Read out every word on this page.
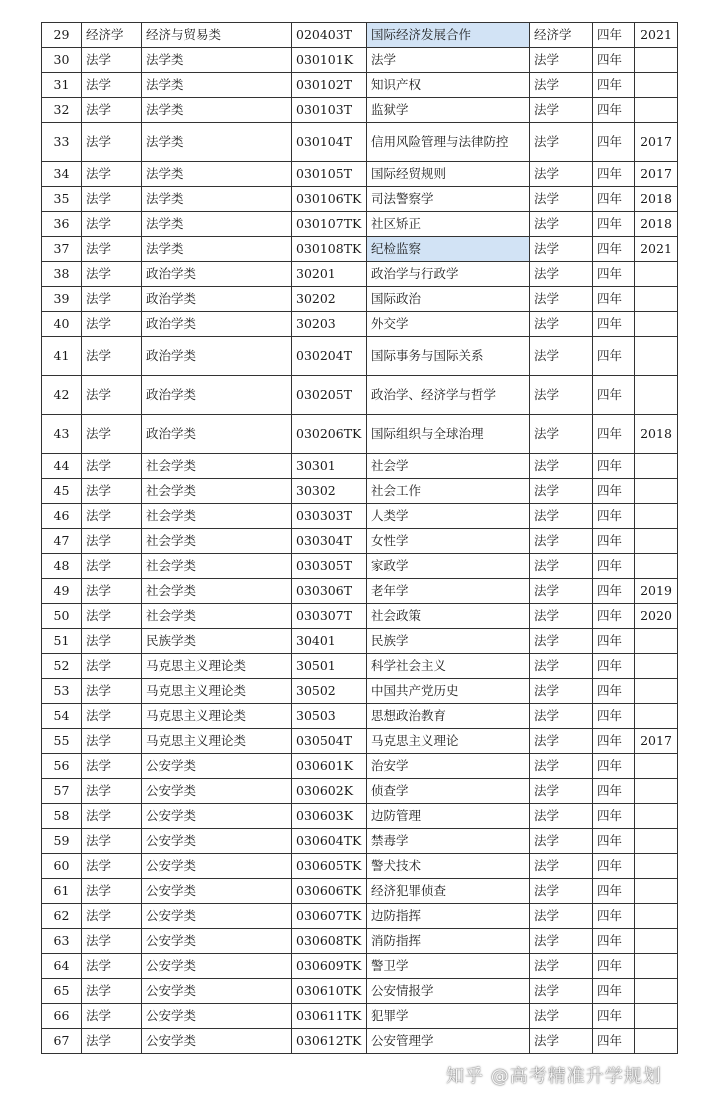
29	经济学	经济与贸易类	020403T	国际经济发展合作	经济学	四年	2021
30	法学	法学类	030101K	法学	法学	四年	
31	法学	法学类	030102T	知识产权	法学	四年	
32	法学	法学类	030103T	监狱学	法学	四年	
33	法学	法学类	030104T	信用风险管理与法律防控	法学	四年	2017
34	法学	法学类	030105T	国际经贸规则	法学	四年	2017
35	法学	法学类	030106TK	司法警察学	法学	四年	2018
36	法学	法学类	030107TK	社区矫正	法学	四年	2018
37	法学	法学类	030108TK	纪检监察	法学	四年	2021
38	法学	政治学类	30201	政治学与行政学	法学	四年	
39	法学	政治学类	30202	国际政治	法学	四年	
40	法学	政治学类	30203	外交学	法学	四年	
41	法学	政治学类	030204T	国际事务与国际关系	法学	四年	
42	法学	政治学类	030205T	政治学、经济学与哲学	法学	四年	
43	法学	政治学类	030206TK	国际组织与全球治理	法学	四年	2018
44	法学	社会学类	30301	社会学	法学	四年	
45	法学	社会学类	30302	社会工作	法学	四年	
46	法学	社会学类	030303T	人类学	法学	四年	
47	法学	社会学类	030304T	女性学	法学	四年	
48	法学	社会学类	030305T	家政学	法学	四年	
49	法学	社会学类	030306T	老年学	法学	四年	2019
50	法学	社会学类	030307T	社会政策	法学	四年	2020
51	法学	民族学类	30401	民族学	法学	四年	
52	法学	马克思主义理论类	30501	科学社会主义	法学	四年	
53	法学	马克思主义理论类	30502	中国共产党历史	法学	四年	
54	法学	马克思主义理论类	30503	思想政治教育	法学	四年	
55	法学	马克思主义理论类	030504T	马克思主义理论	法学	四年	2017
56	法学	公安学类	030601K	治安学	法学	四年	
57	法学	公安学类	030602K	侦查学	法学	四年	
58	法学	公安学类	030603K	边防管理	法学	四年	
59	法学	公安学类	030604TK	禁毒学	法学	四年	
60	法学	公安学类	030605TK	警犬技术	法学	四年	
61	法学	公安学类	030606TK	经济犯罪侦查	法学	四年	
62	法学	公安学类	030607TK	边防指挥	法学	四年	
63	法学	公安学类	030608TK	消防指挥	法学	四年	
64	法学	公安学类	030609TK	警卫学	法学	四年	
65	法学	公安学类	030610TK	公安情报学	法学	四年	
66	法学	公安学类	030611TK	犯罪学	法学	四年	
67	法学	公安学类	030612TK	公安管理学	法学	四年	
知乎 @高考精准升学规划
